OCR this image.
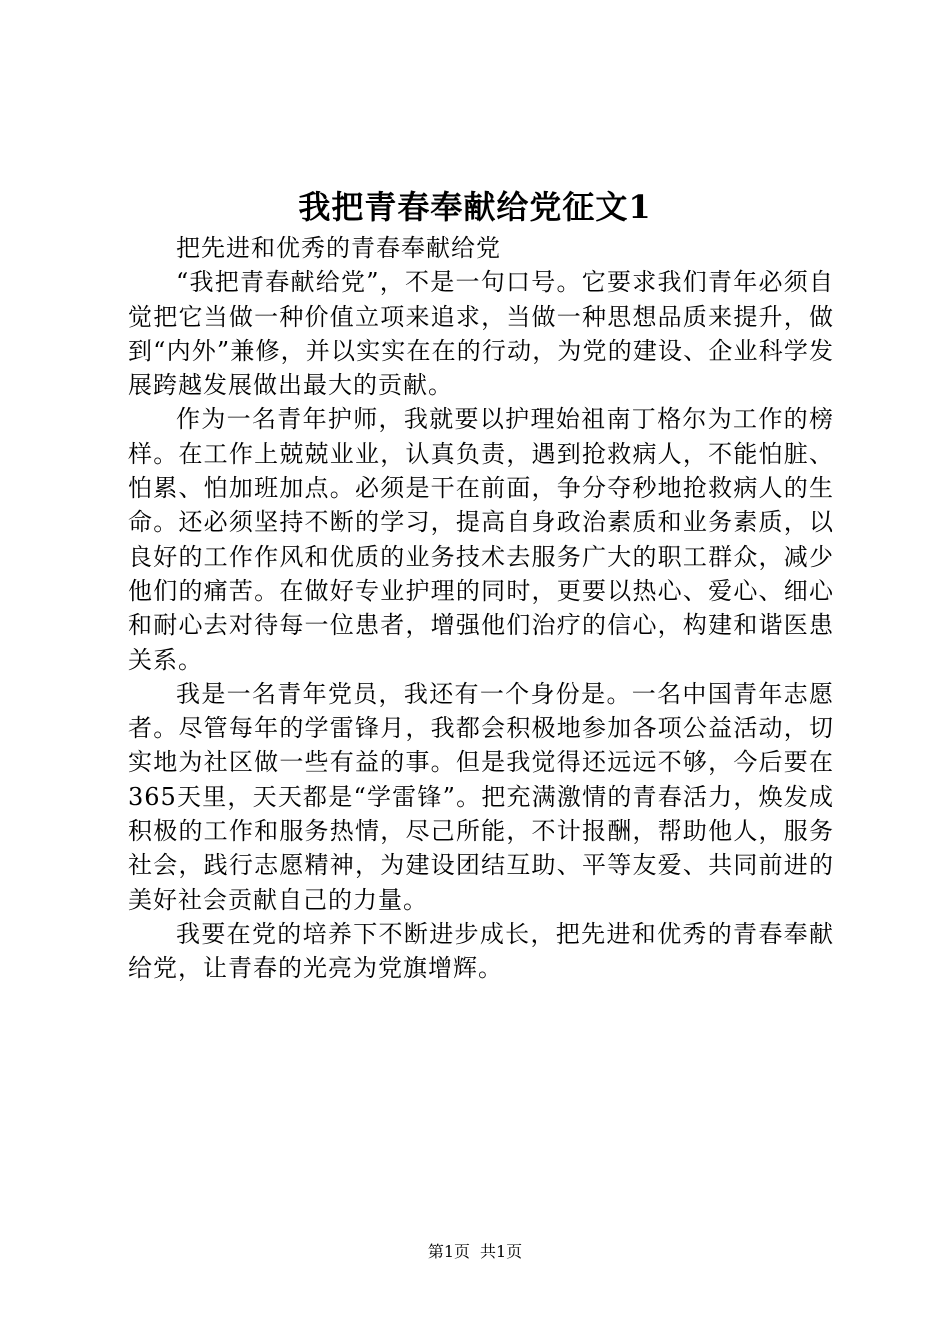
我把青春奉献给党征文1

把先进和优秀的青春奉献给党

“我把青春献给党”，不是一句口号。它要求我们青年必须自觉把它当做一种价值立项来追求，当做一种思想品质来提升，做到“内外”兼修，并以实实在在的行动，为党的建设、企业科学发展跨越发展做出最大的贡献。

作为一名青年护师，我就要以护理始祖南丁格尔为工作的榜样。在工作上兢兢业业，认真负责，遇到抢救病人，不能怕脏、怕累、怕加班加点。必须是干在前面，争分夺秒地抢救病人的生命。还必须坚持不断的学习，提高自身政治素质和业务素质，以良好的工作作风和优质的业务技术去服务广大的职工群众，减少他们的痛苦。在做好专业护理的同时，更要以热心、爱心、细心和耐心去对待每一位患者，增强他们治疗的信心，构建和谐医患关系。

我是一名青年党员，我还有一个身份是。一名中国青年志愿者。尽管每年的学雷锋月，我都会积极地参加各项公益活动，切实地为社区做一些有益的事。但是我觉得还远远不够，今后要在365天里，天天都是“学雷锋”。把充满激情的青春活力，焕发成积极的工作和服务热情，尽己所能，不计报酬，帮助他人，服务社会，践行志愿精神，为建设团结互助、平等友爱、共同前进的美好社会贡献自己的力量。

我要在党的培养下不断进步成长，把先进和优秀的青春奉献给党，让青春的光亮为党旗增辉。

第1页 共1页
